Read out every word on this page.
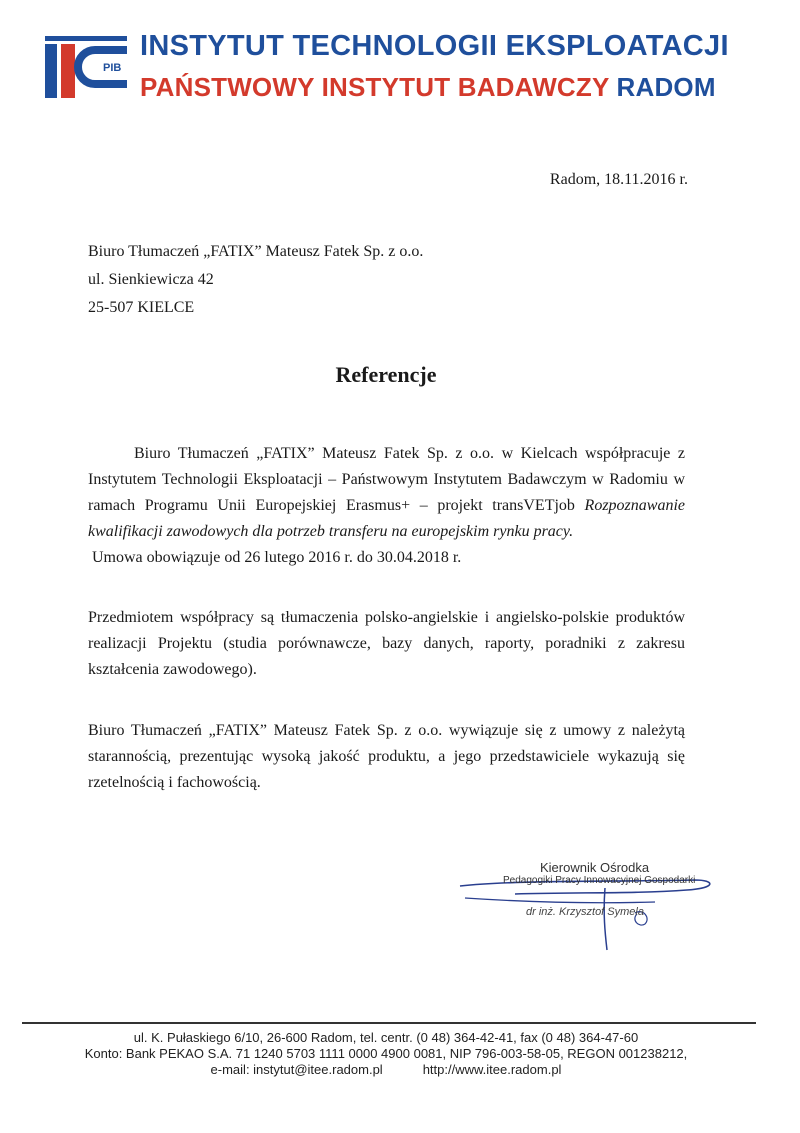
PIB
INSTYTUT TECHNOLOGII EKSPLOATACJI
PAŃSTWOWY INSTYTUT BADAWCZY RADOM
Radom, 18.11.2016 r.
Biuro Tłumaczeń „FATIX” Mateusz Fatek Sp. z o.o.
ul. Sienkiewicza 42
25-507 KIELCE
Referencje
Biuro Tłumaczeń „FATIX” Mateusz Fatek Sp. z o.o. w Kielcach współpracuje z Instytutem Technologii Eksploatacji – Państwowym Instytutem Badawczym w Radomiu w ramach Programu Unii Europejskiej Erasmus+ – projekt transVETjob Rozpoznawanie kwalifikacji zawodowych dla potrzeb transferu na europejskim rynku pracy.
Umowa obowiązuje od 26 lutego 2016 r. do 30.04.2018 r.
Przedmiotem współpracy są tłumaczenia polsko-angielskie i angielsko-polskie produktów realizacji Projektu (studia porównawcze, bazy danych, raporty, poradniki z zakresu kształcenia zawodowego).
Biuro Tłumaczeń „FATIX” Mateusz Fatek Sp. z o.o. wywiązuje się z umowy z należytą starannością, prezentując wysoką jakość produktu, a jego przedstawiciele wykazują się rzetelnością i fachowością.
Kierownik Ośrodka
Pedagogiki Pracy Innowacyjnej Gospodarki
dr inż. Krzysztof Symela
ul. K. Pułaskiego 6/10, 26-600 Radom, tel. centr. (0 48) 364-42-41, fax (0 48) 364-47-60
Konto: Bank PEKAO S.A. 71 1240 5703 1111 0000 4900 0081, NIP 796-003-58-05, REGON 001238212,
e-mail: instytut@itee.radom.pl	http://www.itee.radom.pl
